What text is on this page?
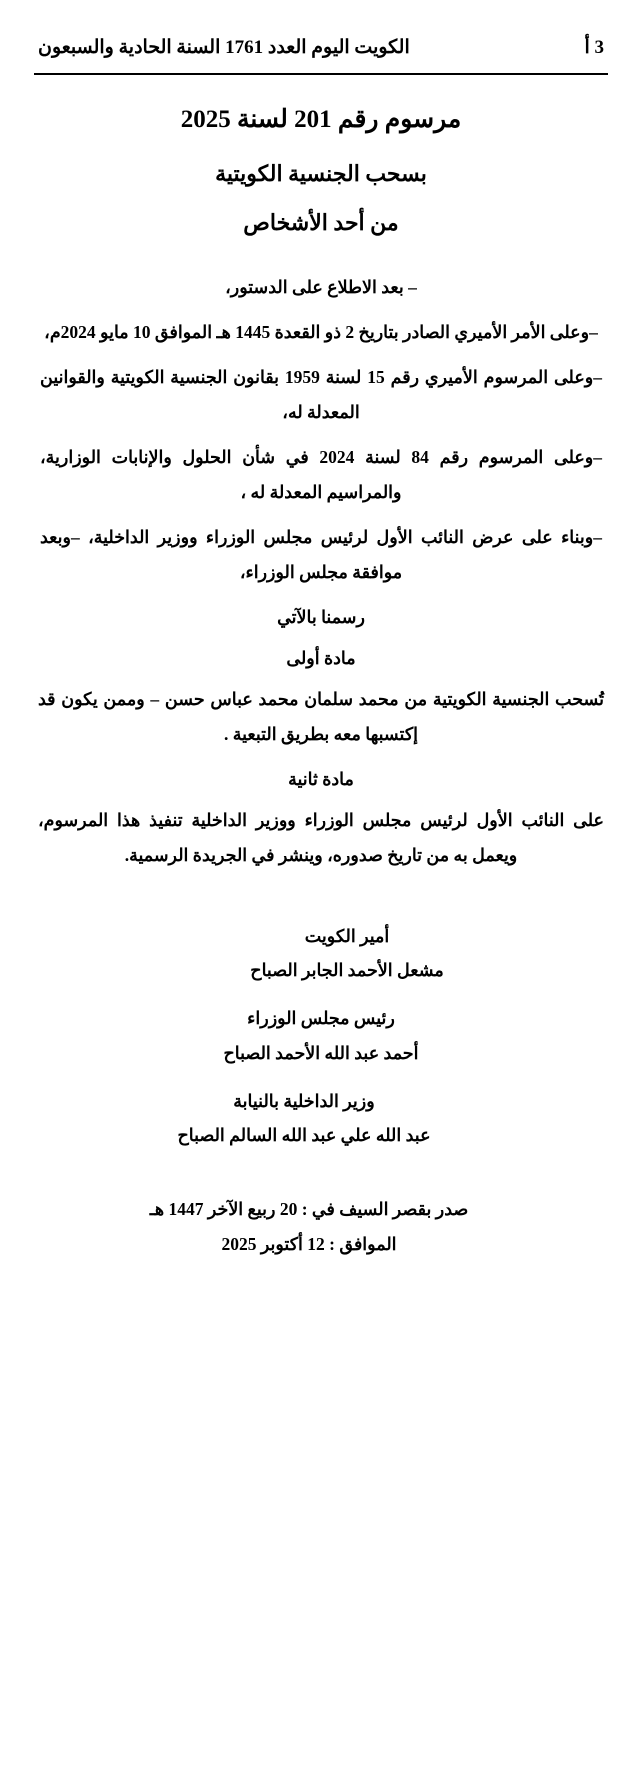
الكويت اليوم العدد 1761 السنة الحادية والسبعون	3 أ
مرسوم رقم 201 لسنة 2025
بسحب الجنسية الكويتية
من أحد الأشخاص

– بعد الاطلاع على الدستور،

–وعلى الأمر الأميري الصادر بتاريخ 2 ذو القعدة 1445 هـ الموافق 10 مايو 2024م،

–وعلى المرسوم الأميري رقم 15 لسنة 1959 بقانون الجنسية الكويتية والقوانين المعدلة له،

–وعلى المرسوم رقم 84 لسنة 2024 في شأن الحلول والإنابات الوزارية، والمراسيم المعدلة له ،

–وبناء على عرض النائب الأول لرئيس مجلس الوزراء ووزير الداخلية، –وبعد موافقة مجلس الوزراء،

رسمنا بالآتي

مادة أولى

تُسحب الجنسية الكويتية من محمد سلمان محمد عباس حسن – وممن يكون قد إكتسبها معه بطريق التبعية .

مادة ثانية

على النائب الأول لرئيس مجلس الوزراء ووزير الداخلية تنفيذ هذا المرسوم، ويعمل به من تاريخ صدوره، وينشر في الجريدة الرسمية.

أمير الكويت
مشعل الأحمد الجابر الصباح
رئيس مجلس الوزراء
أحمد عبد الله الأحمد الصباح
وزير الداخلية بالنيابة
عبد الله علي عبد الله السالم الصباح
صدر بقصر السيف في : 20 ربيع الآخر 1447 هـ
الموافق : 12 أكتوبر 2025
